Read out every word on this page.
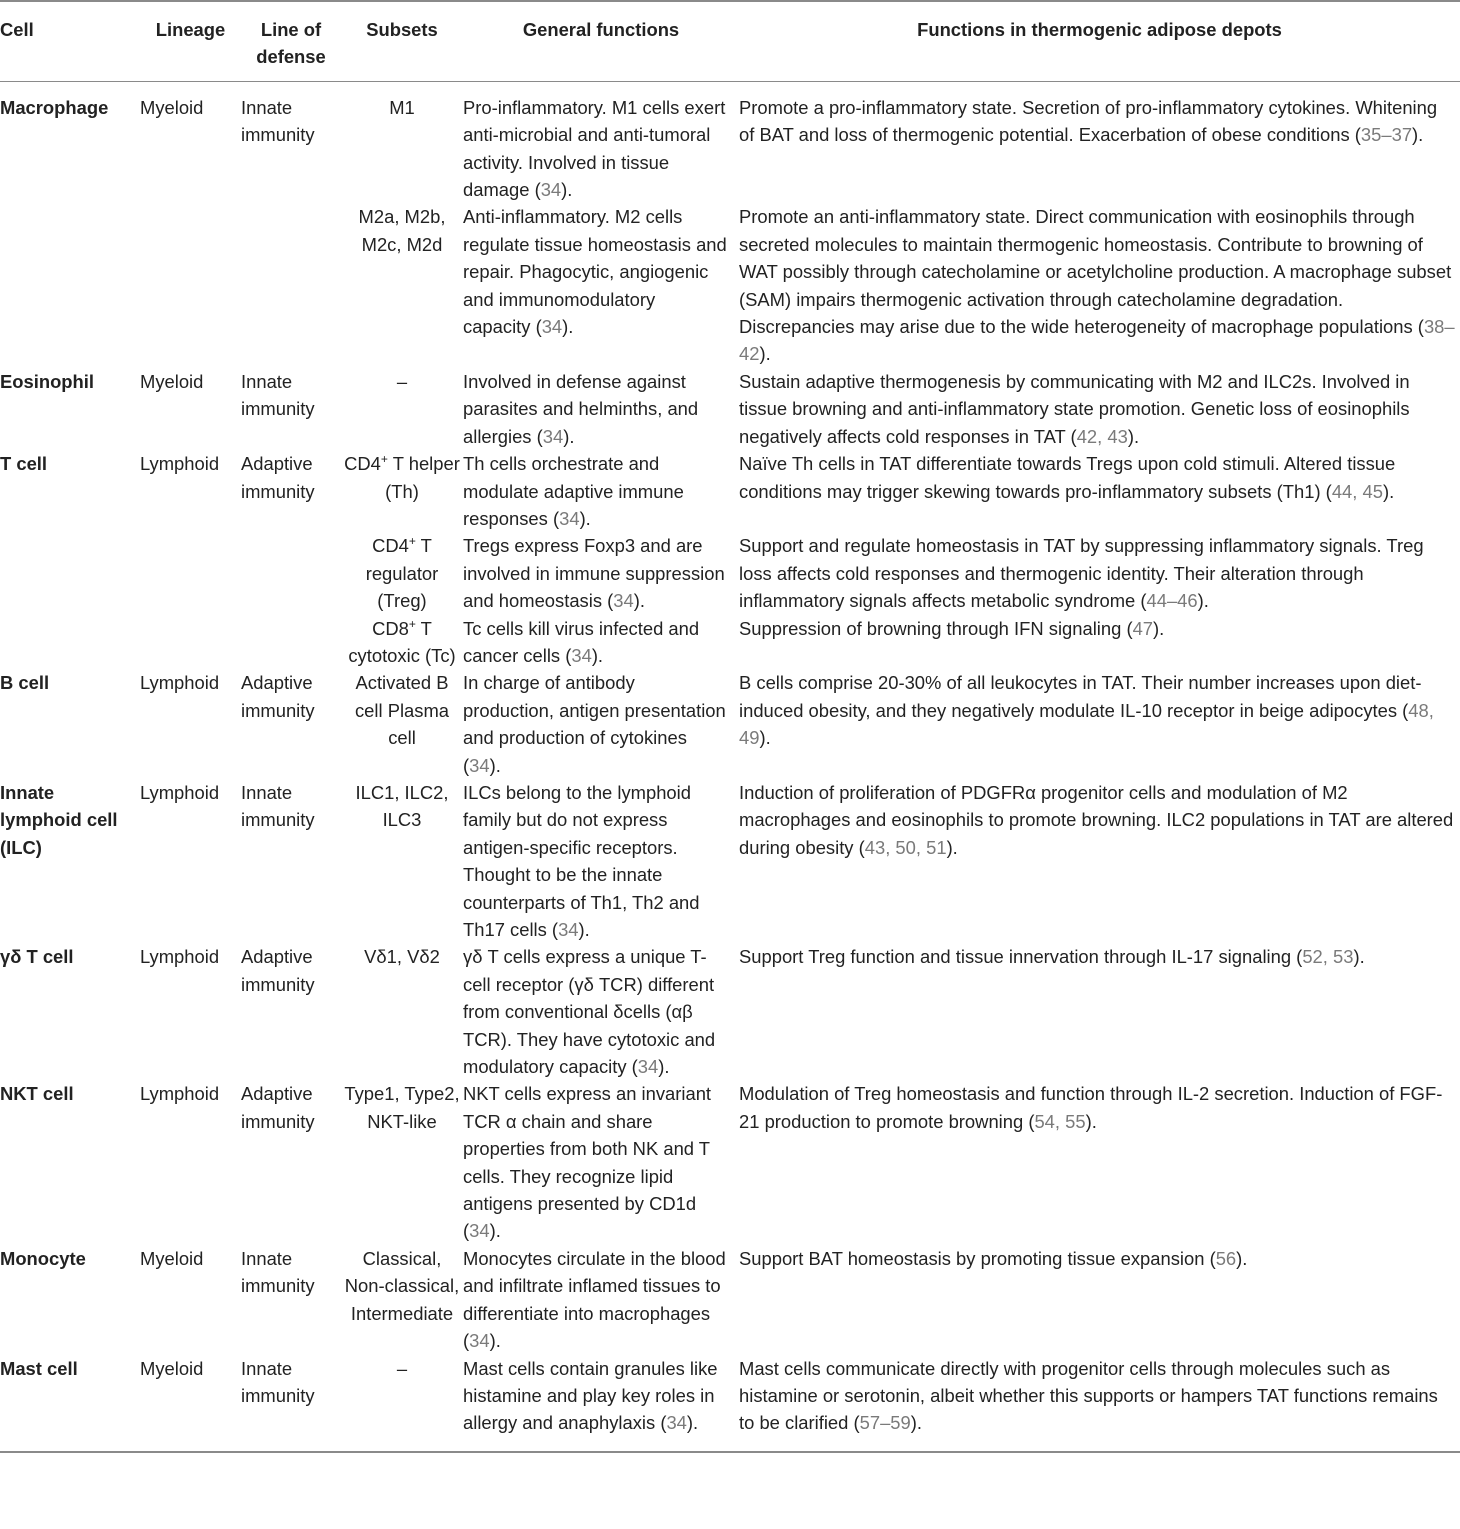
Cell	Lineage	Line of defense	Subsets	General functions	Functions in thermogenic adipose depots
Macrophage	Myeloid	Innate immunity	M1	Pro-inflammatory. M1 cells exert anti-microbial and anti-tumoral activity. Involved in tissue damage (34).	Promote a pro-inflammatory state. Secretion of pro-inflammatory cytokines. Whitening of BAT and loss of thermogenic potential. Exacerbation of obese conditions (35–37).
			M2a, M2b, M2c, M2d	Anti-inflammatory. M2 cells regulate tissue homeostasis and repair. Phagocytic, angiogenic and immunomodulatory capacity (34).	Promote an anti-inflammatory state. Direct communication with eosinophils through secreted molecules to maintain thermogenic homeostasis. Contribute to browning of WAT possibly through catecholamine or acetylcholine production. A macrophage subset (SAM) impairs thermogenic activation through catecholamine degradation. Discrepancies may arise due to the wide heterogeneity of macrophage populations (38–42).
Eosinophil	Myeloid	Innate immunity	–	Involved in defense against parasites and helminths, and allergies (34).	Sustain adaptive thermogenesis by communicating with M2 and ILC2s. Involved in tissue browning and anti-inflammatory state promotion. Genetic loss of eosinophils negatively affects cold responses in TAT (42, 43).
T cell	Lymphoid	Adaptive immunity	CD4+ T helper (Th)	Th cells orchestrate and modulate adaptive immune responses (34).	Naïve Th cells in TAT differentiate towards Tregs upon cold stimuli. Altered tissue conditions may trigger skewing towards pro-inflammatory subsets (Th1) (44, 45).
			CD4+ T regulator (Treg)	Tregs express Foxp3 and are involved in immune suppression and homeostasis (34).	Support and regulate homeostasis in TAT by suppressing inflammatory signals. Treg loss affects cold responses and thermogenic identity. Their alteration through inflammatory signals affects metabolic syndrome (44–46).
			CD8+ T cytotoxic (Tc)	Tc cells kill virus infected and cancer cells (34).	Suppression of browning through IFN signaling (47).
B cell	Lymphoid	Adaptive immunity	Activated B cell Plasma cell	In charge of antibody production, antigen presentation and production of cytokines (34).	B cells comprise 20-30% of all leukocytes in TAT. Their number increases upon diet-induced obesity, and they negatively modulate IL-10 receptor in beige adipocytes (48, 49).
Innate lymphoid cell (ILC)	Lymphoid	Innate immunity	ILC1, ILC2, ILC3	ILCs belong to the lymphoid family but do not express antigen-specific receptors. Thought to be the innate counterparts of Th1, Th2 and Th17 cells (34).	Induction of proliferation of PDGFRα progenitor cells and modulation of M2 macrophages and eosinophils to promote browning. ILC2 populations in TAT are altered during obesity (43, 50, 51).
γδ T cell	Lymphoid	Adaptive immunity	Vδ1, Vδ2	γδ T cells express a unique T-cell receptor (γδ TCR) different from conventional δcells (αβ TCR). They have cytotoxic and modulatory capacity (34).	Support Treg function and tissue innervation through IL-17 signaling (52, 53).
NKT cell	Lymphoid	Adaptive immunity	Type1, Type2, NKT-like	NKT cells express an invariant TCR α chain and share properties from both NK and T cells. They recognize lipid antigens presented by CD1d (34).	Modulation of Treg homeostasis and function through IL-2 secretion. Induction of FGF-21 production to promote browning (54, 55).
Monocyte	Myeloid	Innate immunity	Classical, Non-classical, Intermediate	Monocytes circulate in the blood and infiltrate inflamed tissues to differentiate into macrophages (34).	Support BAT homeostasis by promoting tissue expansion (56).
Mast cell	Myeloid	Innate immunity	–	Mast cells contain granules like histamine and play key roles in allergy and anaphylaxis (34).	Mast cells communicate directly with progenitor cells through molecules such as histamine or serotonin, albeit whether this supports or hampers TAT functions remains to be clarified (57–59).
